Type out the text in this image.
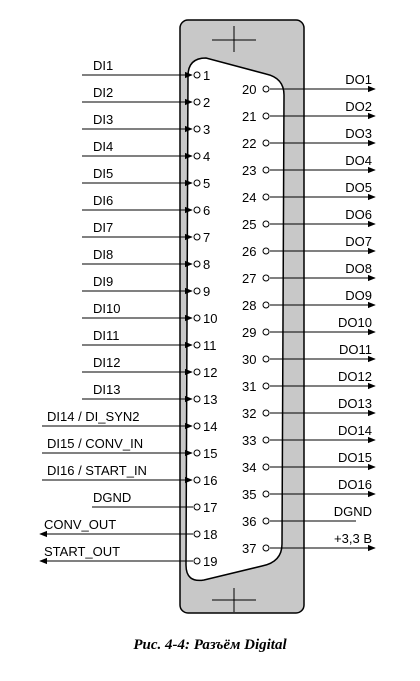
1
DI1
2
DI2
3
DI3
4
DI4
5
DI5
6
DI6
7
DI7
8
DI8
9
DI9
10
DI10
11
DI11
12
DI12
13
DI13
14
DI14 / DI_SYN2
15
DI15 / CONV_IN
16
DI16 / START_IN
17
DGND
18
CONV_OUT
19
START_OUT
20
DO1
21
DO2
22
DO3
23
DO4
24
DO5
25
DO6
26
DO7
27
DO8
28
DO9
29
DO10
30
DO11
31
DO12
32
DO13
33
DO14
34
DO15
35
DO16
36
DGND
37
+3,3 В
Рис. 4-4: Разъём Digital
